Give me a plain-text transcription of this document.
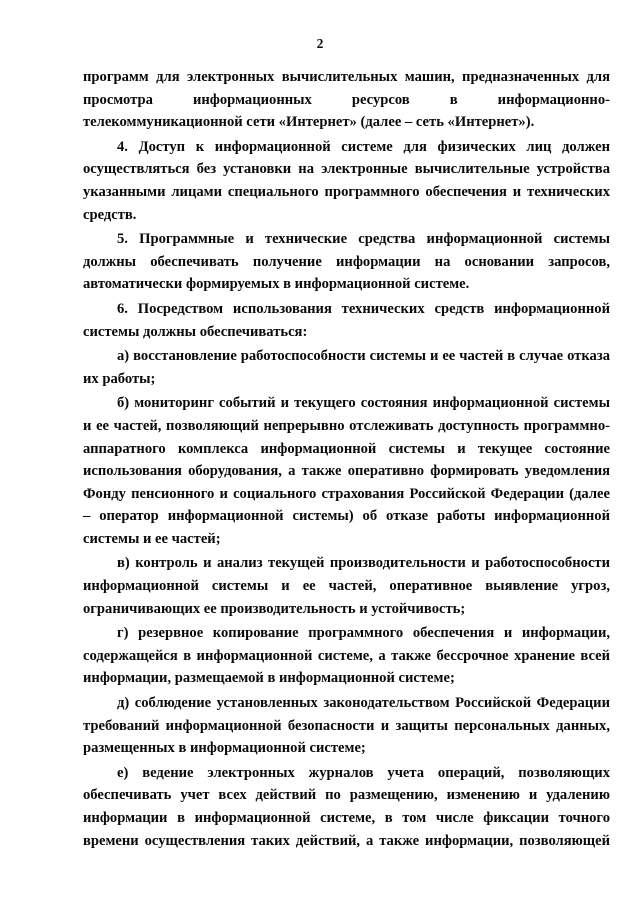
2

программ для электронных вычислительных машин, предназначенных для просмотра информационных ресурсов в информационно-телекоммуникационной сети «Интернет» (далее – сеть «Интернет»).

4. Доступ к информационной системе для физических лиц должен осуществляться без установки на электронные вычислительные устройства указанными лицами специального программного обеспечения и технических средств.

5. Программные и технические средства информационной системы должны обеспечивать получение информации на основании запросов, автоматически формируемых в информационной системе.

6. Посредством использования технических средств информационной системы должны обеспечиваться:

а) восстановление работоспособности системы и ее частей в случае отказа их работы;

б) мониторинг событий и текущего состояния информационной системы и ее частей, позволяющий непрерывно отслеживать доступность программно-аппаратного комплекса информационной системы и текущее состояние использования оборудования, а также оперативно формировать уведомления Фонду пенсионного и социального страхования Российской Федерации (далее – оператор информационной системы) об отказе работы информационной системы и ее частей;

в) контроль и анализ текущей производительности и работоспособности информационной системы и ее частей, оперативное выявление угроз, ограничивающих ее производительность и устойчивость;

г) резервное копирование программного обеспечения и информации, содержащейся в информационной системе, а также бессрочное хранение всей информации, размещаемой в информационной системе;

д) соблюдение установленных законодательством Российской Федерации требований информационной безопасности и защиты персональных данных, размещенных в информационной системе;

е) ведение электронных журналов учета операций, позволяющих обеспечивать учет всех действий по размещению, изменению и удалению информации в информационной системе, в том числе фиксации точного времени осуществления таких действий, а также информации, позволяющей
